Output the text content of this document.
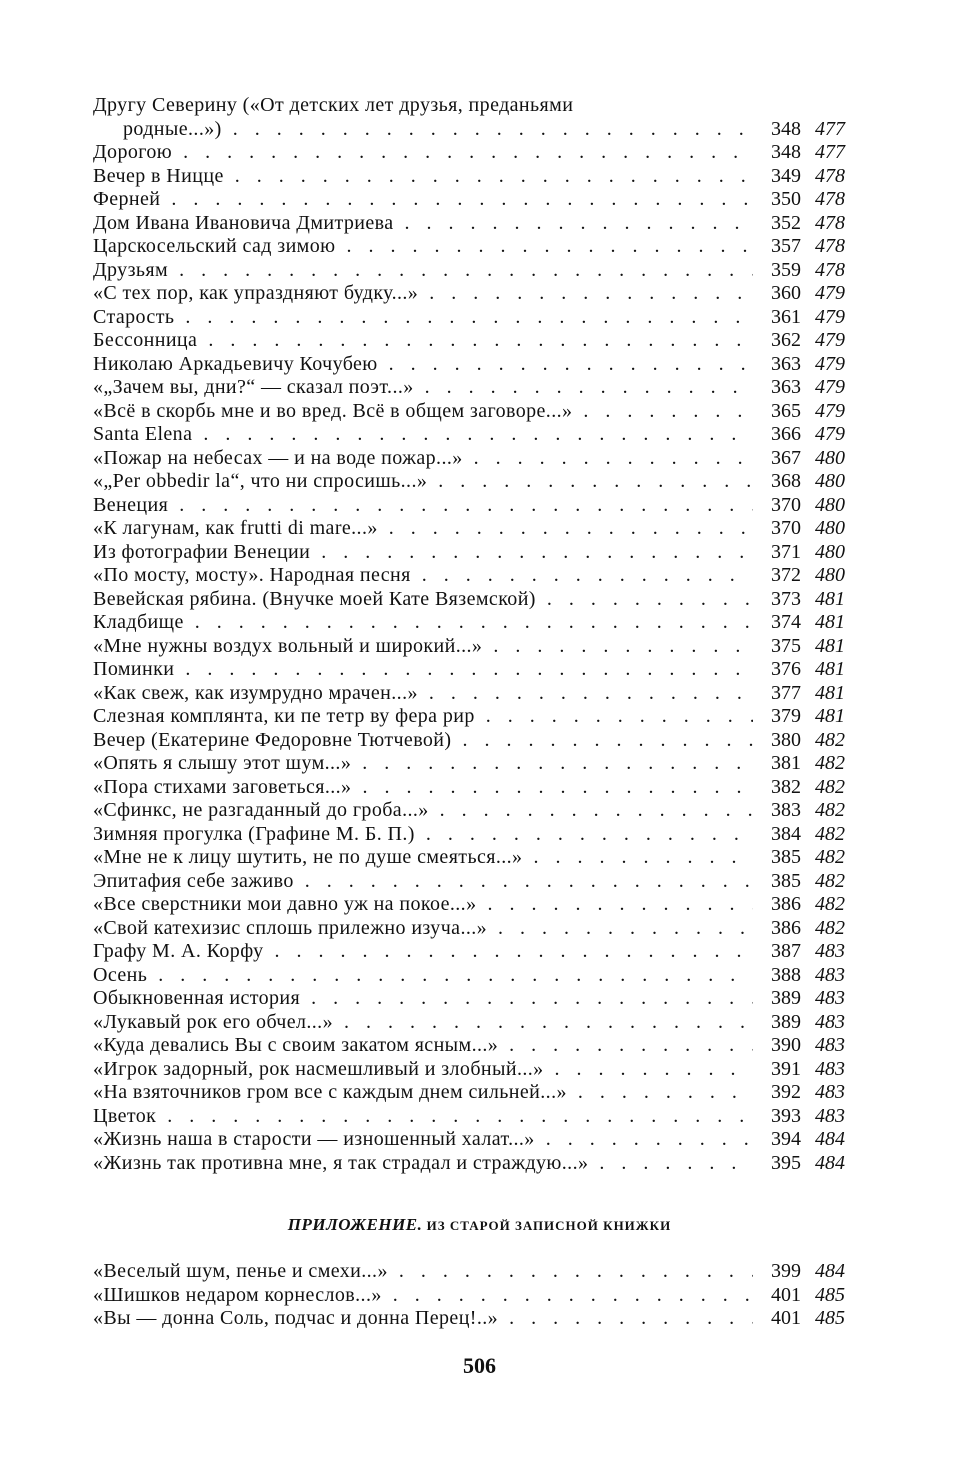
Другу Северину («От детских лет друзья, преданьями
родные...») . . .	348 477
Дорогою . . .	348 477
Вечер в Ницце . . .	349 478
Ферней . . .	350 478
Дом Ивана Ивановича Дмитриева . . .	352 478
Царскосельский сад зимою . . .	357 478
Друзьям . . .	359 478
«С тех пор, как упраздняют будку...» . . .	360 479
Старость . . .	361 479
Бессонница . . .	362 479
Николаю Аркадьевичу Кочубею . . .	363 479
«„Зачем вы, дни?“ — сказал поэт...» . . .	363 479
«Всё в скорбь мне и во вред. Всё в общем заговоре...» . . .	365 479
Santa Elena . . .	366 479
«Пожар на небесах — и на воде пожар...» . . .	367 480
«„Per obbedir la“, что ни спросишь...» . . .	368 480
Венеция . . .	370 480
«К лагунам, как frutti di mare...» . . .	370 480
Из фотографии Венеции . . .	371 480
«По мосту, мосту». Народная песня . . .	372 480
Вевейская рябина. (Внучке моей Кате Вяземской) . . .	373 481
Кладбище . . .	374 481
«Мне нужны воздух вольный и широкий...» . . .	375 481
Поминки . . .	376 481
«Как свеж, как изумрудно мрачен...» . . .	377 481
Слезная комплянта, ки пе тетр ву фера рир . . .	379 481
Вечер (Екатерине Федоровне Тютчевой) . . .	380 482
«Опять я слышу этот шум...» . . .	381 482
«Пора стихами заговеться...» . . .	382 482
«Сфинкс, не разгаданный до гроба...» . . .	383 482
Зимняя прогулка (Графине М. Б. П.) . . .	384 482
«Мне не к лицу шутить, не по душе смеяться...» . . .	385 482
Эпитафия себе заживо . . .	385 482
«Все сверстники мои давно уж на покое...» . . .	386 482
«Свой катехизис сплошь прилежно изуча...» . . .	386 482
Графу М. А. Корфу . . .	387 483
Осень . . .	388 483
Обыкновенная история . . .	389 483
«Лукавый рок его обчел...» . . .	389 483
«Куда девались Вы с своим закатом ясным...» . . .	390 483
«Игрок задорный, рок насмешливый и злобный...» . . .	391 483
«На взяточников гром все с каждым днем сильней...» . . .	392 483
Цветок . . .	393 483
«Жизнь наша в старости — изношенный халат...» . . .	394 484
«Жизнь так противна мне, я так страдал и страждую...» . . .	395 484
ПРИЛОЖЕНИЕ. ИЗ СТАРОЙ ЗАПИСНОЙ КНИЖКИ
«Веселый шум, пенье и смехи...» . . .	399 484
«Шишков недаром корнеслов...» . . .	401 485
«Вы — донна Соль, подчас и донна Перец!..» . . .	401 485
506
